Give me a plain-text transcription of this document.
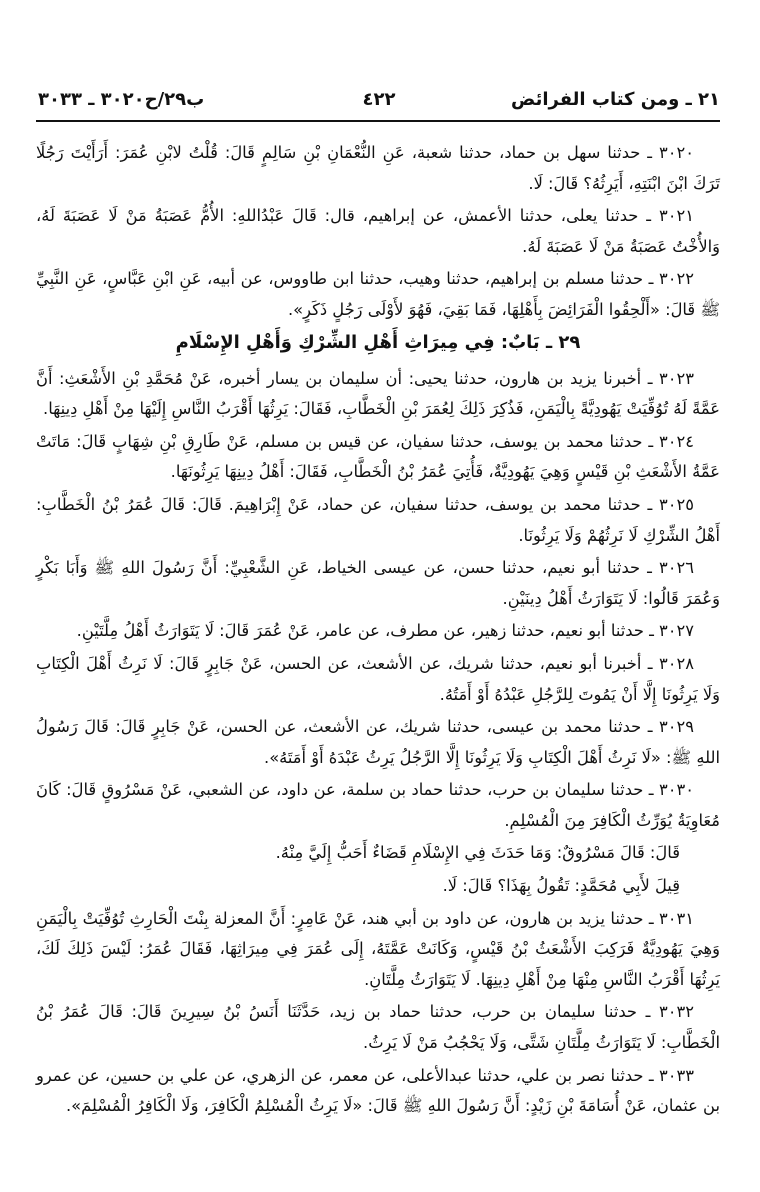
٢١ ـ ومن كتاب الفرائض
٤٢٢
ب٢٩/ح٣٠٢٠ ـ ٣٠٣٣

٣٠٢٠ ـ حدثنا سهل بن حماد، حدثنا شعبة، عَنِ النُّعْمَانِ بْنِ سَالِمٍ قَالَ: قُلْتُ لابْنِ عُمَرَ: أَرَأَيْتَ رَجُلًا تَرَكَ ابْنَ ابْنَتِهِ، أَيَرِثُهُ؟ قَالَ: لَا.

٣٠٢١ ـ حدثنا يعلى، حدثنا الأعمش، عن إبراهيم، قال: قَالَ عَبْدُاللهِ: الأُمُّ عَصَبَةُ مَنْ لَا عَصَبَةَ لَهُ، وَالأُخْتُ عَصَبَةُ مَنْ لَا عَصَبَةَ لَهُ.

٣٠٢٢ ـ حدثنا مسلم بن إبراهيم، حدثنا وهيب، حدثنا ابن طاووس، عن أبيه، عَنِ ابْنِ عَبَّاسٍ، عَنِ النَّبِيِّ ﷺ قَالَ: «أَلْحِقُوا الْفَرَائِضَ بِأَهْلِهَا، فَمَا بَقِيَ، فَهُوَ لأَوْلَى رَجُلٍ ذَكَرٍ».

٢٩ ـ بَابٌ: فِي مِيرَاثِ أَهْلِ الشِّرْكِ وَأَهْلِ الإِسْلَامِ

٣٠٢٣ ـ أخبرنا يزيد بن هارون، حدثنا يحيى: أن سليمان بن يسار أخبره، عَنْ مُحَمَّدِ بْنِ الأَشْعَثِ: أَنَّ عَمَّةً لَهُ تُوُفِّيَتْ يَهُودِيَّةً بِالْيَمَنِ، فَذُكِرَ ذَلِكَ لِعُمَرَ بْنِ الْخَطَّابِ، فَقَالَ: يَرِثُهَا أَقْرَبُ النَّاسِ إِلَيْهَا مِنْ أَهْلِ دِينِهَا.

٣٠٢٤ ـ حدثنا محمد بن يوسف، حدثنا سفيان، عن قيس بن مسلم، عَنْ طَارِقِ بْنِ شِهَابٍ قَالَ: مَاتَتْ عَمَّةُ الأَشْعَثِ بْنِ قَيْسٍ وَهِيَ يَهُودِيَّةٌ، فَأُتِيَ عُمَرُ بْنُ الْخَطَّابِ، فَقَالَ: أَهْلُ دِينِهَا يَرِثُونَهَا.

٣٠٢٥ ـ حدثنا محمد بن يوسف، حدثنا سفيان، عن حماد، عَنْ إِبْرَاهِيمَ. قَالَ: قَالَ عُمَرُ بْنُ الْخَطَّابِ: أَهْلُ الشِّرْكِ لَا نَرِثُهُمْ وَلَا يَرِثُونَا.

٣٠٢٦ ـ حدثنا أبو نعيم، حدثنا حسن، عن عيسى الخياط، عَنِ الشَّعْبِيِّ: أَنَّ رَسُولَ اللهِ ﷺ وَأَبَا بَكْرٍ وَعُمَرَ قَالُوا: لَا يَتَوَارَثُ أَهْلُ دِينَيْنِ.

٣٠٢٧ ـ حدثنا أبو نعيم، حدثنا زهير، عن مطرف، عن عامر، عَنْ عُمَرَ قَالَ: لَا يَتَوَارَثُ أَهْلُ مِلَّتَيْنِ.

٣٠٢٨ ـ أخبرنا أبو نعيم، حدثنا شريك، عن الأشعث، عن الحسن، عَنْ جَابِرٍ قَالَ: لَا نَرِثُ أَهْلَ الْكِتَابِ وَلَا يَرِثُونَا إِلَّا أَنْ يَمُوتَ لِلرَّجُلِ عَبْدُهُ أَوْ أَمَتُهُ.

٣٠٢٩ ـ حدثنا محمد بن عيسى، حدثنا شريك، عن الأشعث، عن الحسن، عَنْ جَابِرٍ قَالَ: قَالَ رَسُولُ اللهِ ﷺ: «لَا نَرِثُ أَهْلَ الْكِتَابِ وَلَا يَرِثُونَا إِلَّا الرَّجُلُ يَرِثُ عَبْدَهُ أَوْ أَمَتَهُ».

٣٠٣٠ ـ حدثنا سليمان بن حرب، حدثنا حماد بن سلمة، عن داود، عن الشعبي، عَنْ مَسْرُوقٍ قَالَ: كَانَ مُعَاوِيَةُ يُوَرِّثُ الْكَافِرَ مِنَ الْمُسْلِمِ.

قَالَ: قَالَ مَسْرُوقٌ: وَمَا حَدَثَ فِي الإِسْلَامِ قَضَاءٌ أَحَبُّ إِلَيَّ مِنْهُ.

قِيلَ لأَبِي مُحَمَّدٍ: تَقُولُ بِهَذَا؟ قَالَ: لَا.

٣٠٣١ ـ حدثنا يزيد بن هارون، عن داود بن أبي هند، عَنْ عَامِرٍ: أَنَّ المعزلة بِنْتَ الْحَارِثِ تُوُفِّيَتْ بِالْيَمَنِ وَهِيَ يَهُودِيَّةٌ فَرَكِبَ الأَشْعَثُ بْنُ قَيْسٍ، وَكَانَتْ عَمَّتَهُ، إِلَى عُمَرَ فِي مِيرَاثِهَا، فَقَالَ عُمَرُ: لَيْسَ ذَلِكَ لَكَ، يَرِثُهَا أَقْرَبُ النَّاسِ مِنْهَا مِنْ أَهْلِ دِينِهَا. لَا يَتَوَارَثُ مِلَّتَانِ.

٣٠٣٢ ـ حدثنا سليمان بن حرب، حدثنا حماد بن زيد، حَدَّثَنَا أَنَسُ بْنُ سِيرِينَ قَالَ: قَالَ عُمَرُ بْنُ الْخَطَّابِ: لَا يَتَوَارَثُ مِلَّتَانِ شَتَّى، وَلَا يَحْجُبُ مَنْ لَا يَرِثُ.

٣٠٣٣ ـ حدثنا نصر بن علي، حدثنا عبدالأعلى، عن معمر، عن الزهري، عن علي بن حسين، عن عمرو بن عثمان، عَنْ أُسَامَةَ بْنِ زَيْدٍ: أَنَّ رَسُولَ اللهِ ﷺ قَالَ: «لَا يَرِثُ الْمُسْلِمُ الْكَافِرَ، وَلَا الْكَافِرُ الْمُسْلِمَ».
